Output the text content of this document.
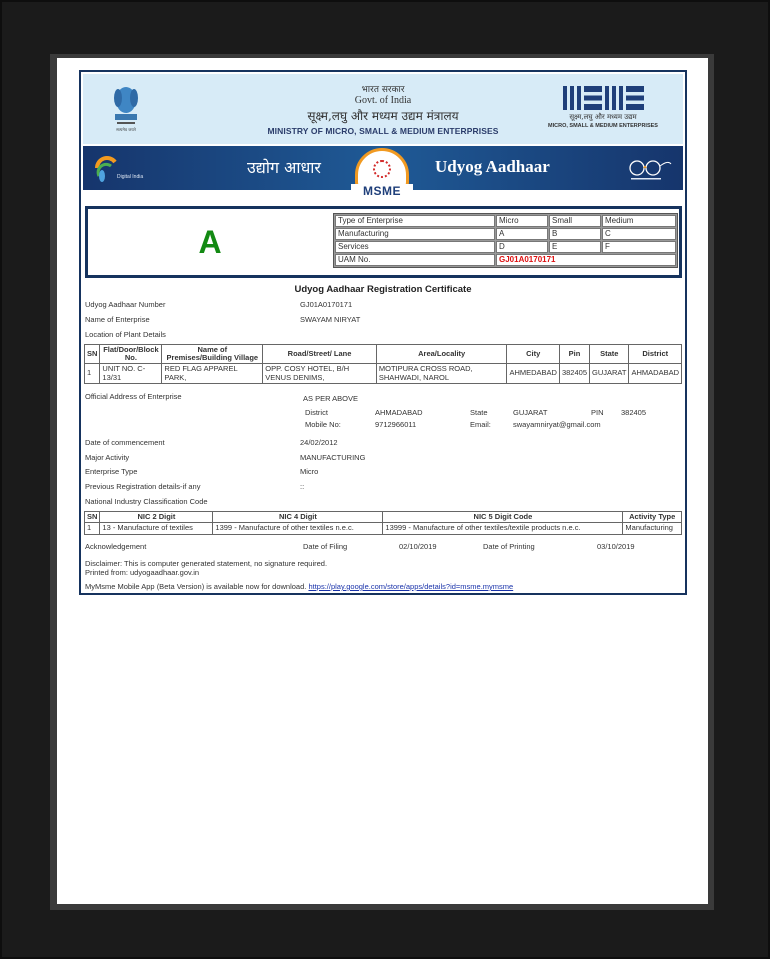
सत्यमेव जयते
भारत सरकार
Govt. of India
सूक्ष्म,लघु और मध्यम उद्यम मंत्रालय
MINISTRY OF MICRO, SMALL & MEDIUM ENTERPRISES
सूक्ष्म,लघु और मध्यम उद्यम
MICRO, SMALL & MEDIUM ENTERPRISES
Digital India	उद्योग आधार
MSME
Udyog Aadhaar
A
Type of Enterprise	Micro	Small	Medium
Manufacturing	A	B	C
Services	D	E	F
UAM No.	GJ01A0170171		
Udyog Aadhaar Registration Certificate
Udyog Aadhaar Number	GJ01A0170171
Name of Enterprise	SWAYAM NIRYAT
Location of Plant Details
SN	Flat/Door/Block No.	Name of Premises/Building Village	Road/Street/ Lane	Area/Locality	City	Pin	State	District
1	UNIT NO. C-13/31	RED FLAG APPAREL PARK,	OPP. COSY HOTEL, B/H VENUS DENIMS,	MOTIPURA CROSS ROAD, SHAHWADI, NAROL	AHMEDABAD	382405	GUJARAT	AHMADABAD
Official Address of Enterprise	AS PER ABOVE
District	AHMADABAD	State	GUJARAT	PIN 382405
Mobile No:	9712966011	Email:	swayamniryat@gmail.com
Date of commencement	24/02/2012
Major Activity	MANUFACTURING
Enterprise Type	Micro
Previous Registration details-if any	::
National Industry Classification Code
SN	NIC 2 Digit	NIC 4 Digit	NIC 5 Digit Code	Activity Type
1	13 - Manufacture of textiles	1399 - Manufacture of other textiles n.e.c.	13999 - Manufacture of other textiles/textile products n.e.c.	Manufacturing
Acknowledgement	Date of Filing	02/10/2019	Date of Printing	03/10/2019
Disclaimer: This is computer generated statement, no signature required.
Printed from: udyogaadhaar.gov.in
MyMsme Mobile App (Beta Version) is available now for download. https://play.google.com/store/apps/details?id=msme.mymsme
